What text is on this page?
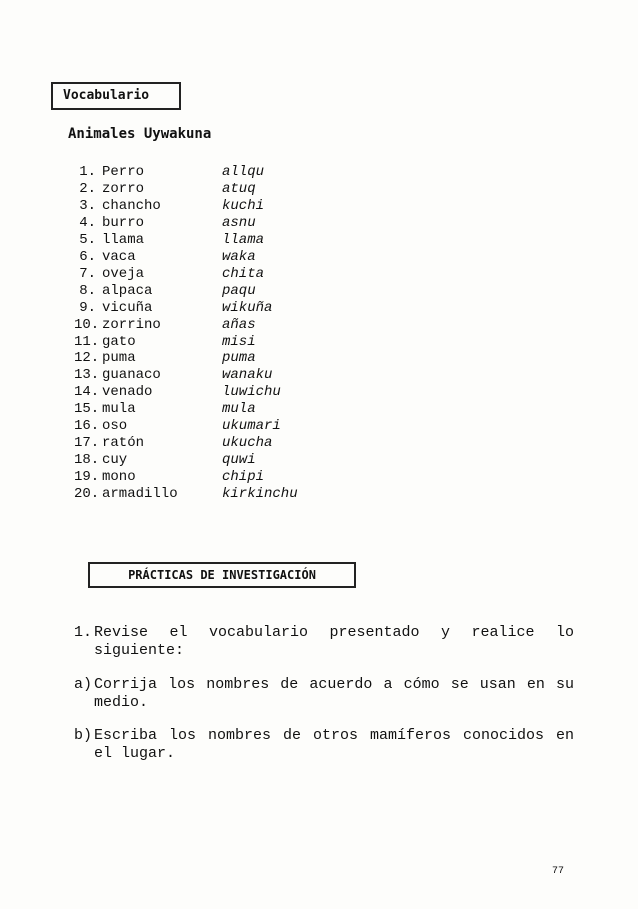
Vocabulario
Animales Uywakuna
1. Perro	allqu
2. zorro	atuq
3. chancho	kuchi
4. burro	asnu
5. llama	llama
6. vaca	waka
7. oveja	chita
8. alpaca	paqu
9. vicuña	wikuña
10. zorrino	añas
11. gato	misi
12. puma	puma
13. guanaco	wanaku
14. venado	luwichu
15. mula	mula
16. oso	ukumari
17. ratón	ukucha
18. cuy	quwi
19. mono	chipi
20. armadillo	kirkinchu
PRÁCTICAS DE INVESTIGACIÓN
1. Revise el vocabulario presentado y realice lo siguiente:
a) Corrija los nombres de acuerdo a cómo se usan en su medio.
b) Escriba los nombres de otros mamíferos conocidos en el lugar.
77
